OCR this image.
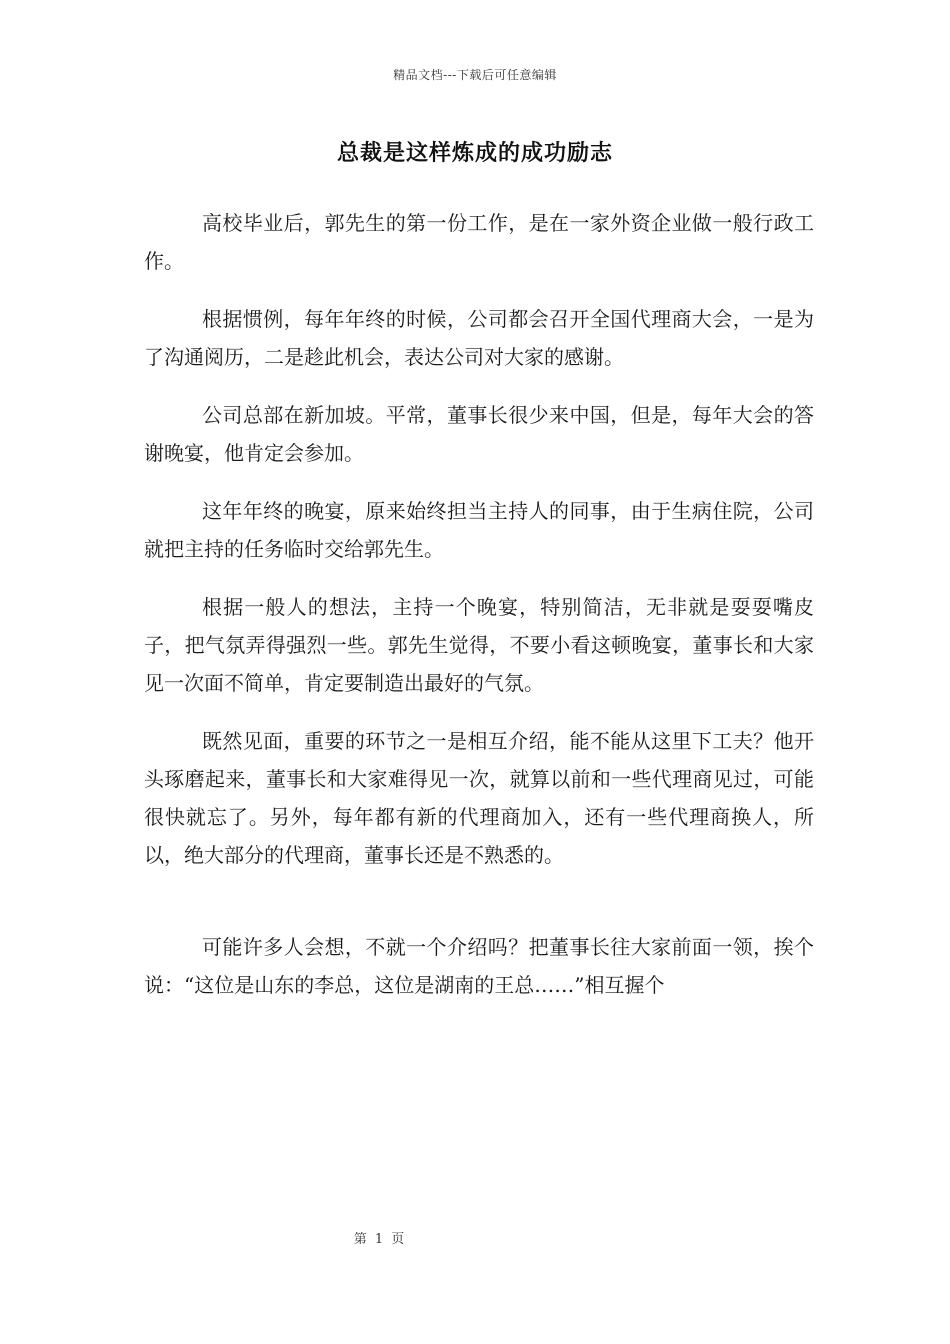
精品文档---下载后可任意编辑
总裁是这样炼成的成功励志

高校毕业后，郭先生的第一份工作，是在一家外资企业做一般行政工作。

根据惯例，每年年终的时候，公司都会召开全国代理商大会，一是为了沟通阅历，二是趁此机会，表达公司对大家的感谢。

公司总部在新加坡。平常，董事长很少来中国，但是，每年大会的答谢晚宴，他肯定会参加。

这年年终的晚宴，原来始终担当主持人的同事，由于生病住院，公司就把主持的任务临时交给郭先生。

根据一般人的想法，主持一个晚宴，特别简洁，无非就是耍耍嘴皮子，把气氛弄得强烈一些。郭先生觉得，不要小看这顿晚宴，董事长和大家见一次面不简单，肯定要制造出最好的气氛。

既然见面，重要的环节之一是相互介绍，能不能从这里下工夫？他开头琢磨起来，董事长和大家难得见一次，就算以前和一些代理商见过，可能很快就忘了。另外，每年都有新的代理商加入，还有一些代理商换人，所以，绝大部分的代理商，董事长还是不熟悉的。

可能许多人会想，不就一个介绍吗？把董事长往大家前面一领，挨个说：“这位是山东的李总，这位是湖南的王总……”相互握个

第 1 页
